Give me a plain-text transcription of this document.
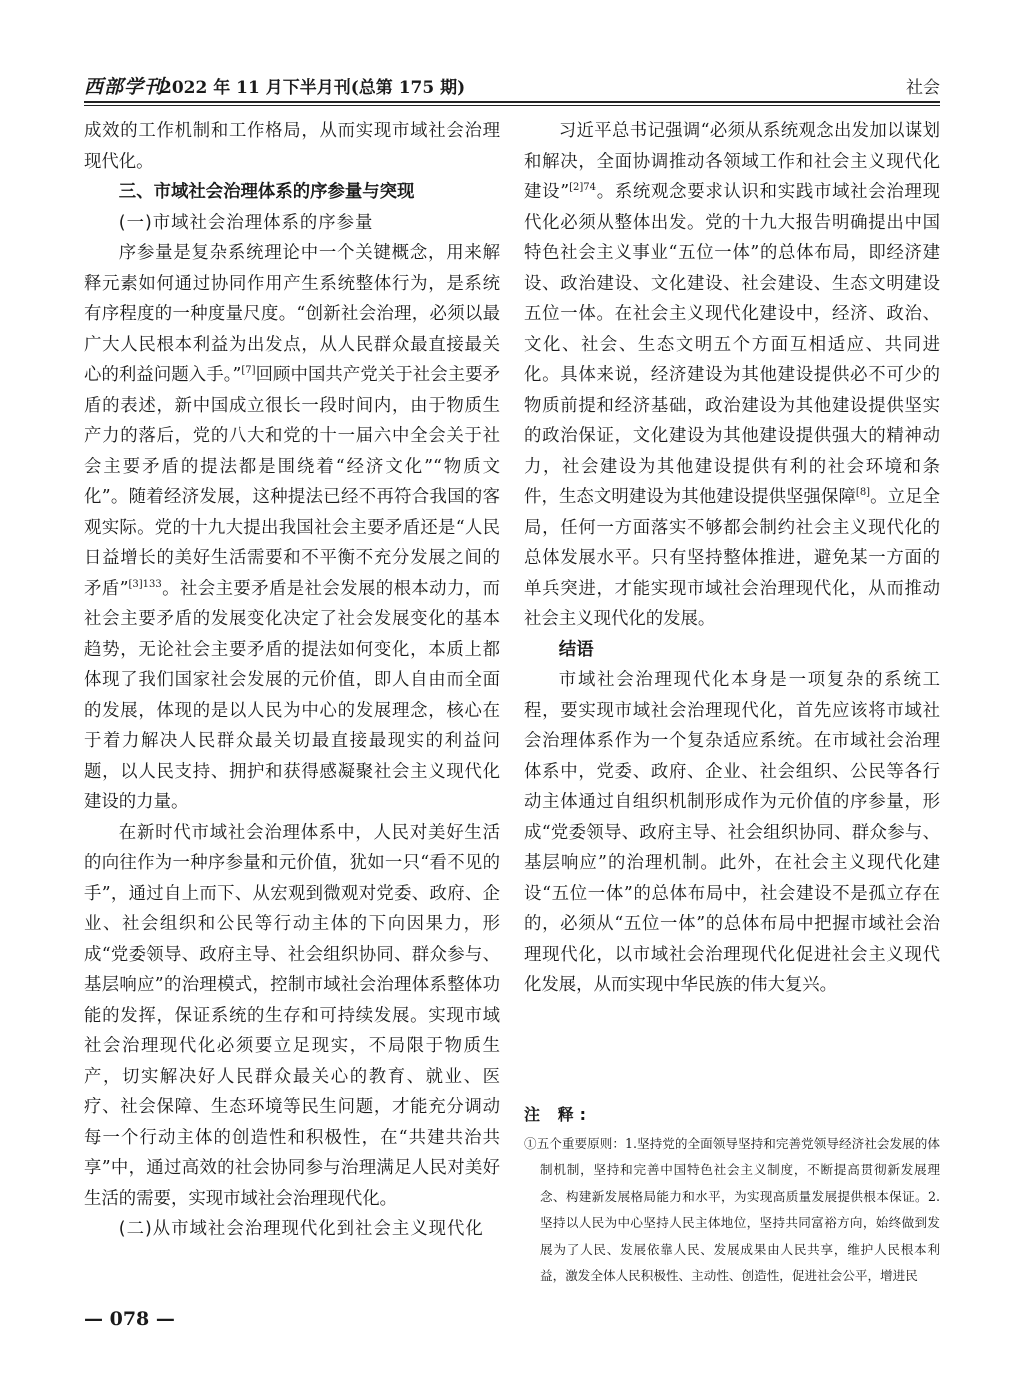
西部学刊
2022 年 11 月下半月刊(总第 175 期)	社会

成效的工作机制和工作格局，从而实现市域社会治理现代化。

三、市域社会治理体系的序参量与突现
(一)市域社会治理体系的序参量

序参量是复杂系统理论中一个关键概念，用来解释元素如何通过协同作用产生系统整体行为，是系统有序程度的一种度量尺度。“创新社会治理，必须以最广大人民根本利益为出发点，从人民群众最直接最关心的利益问题入手。”[7]回顾中国共产党关于社会主要矛盾的表述，新中国成立很长一段时间内，由于物质生产力的落后，党的八大和党的十一届六中全会关于社会主要矛盾的提法都是围绕着“经济文化”“物质文化”。随着经济发展，这种提法已经不再符合我国的客观实际。党的十九大提出我国社会主要矛盾还是“人民日益增长的美好生活需要和不平衡不充分发展之间的矛盾”$^{[3]133}$。社会主要矛盾是社会发展的根本动力，而社会主要矛盾的发展变化决定了社会发展变化的基本趋势，无论社会主要矛盾的提法如何变化，本质上都体现了我们国家社会发展的元价值，即人自由而全面的发展，体现的是以人民为中心的发展理念，核心在于着力解决人民群众最关切最直接最现实的利益问题，以人民支持、拥护和获得感凝聚社会主义现代化建设的力量。

在新时代市域社会治理体系中，人民对美好生活的向往作为一种序参量和元价值，犹如一只“看不见的手”，通过自上而下、从宏观到微观对党委、政府、企业、社会组织和公民等行动主体的下向因果力，形成“党委领导、政府主导、社会组织协同、群众参与、基层响应”的治理模式，控制市域社会治理体系整体功能的发挥，保证系统的生存和可持续发展。实现市域社会治理现代化必须要立足现实，不局限于物质生产，切实解决好人民群众最关心的教育、就业、医疗、社会保障、生态环境等民生问题，才能充分调动每一个行动主体的创造性和积极性，在“共建共治共享”中，通过高效的社会协同参与治理满足人民对美好生活的需要，实现市域社会治理现代化。

(二)从市域社会治理现代化到社会主义现代化

习近平总书记强调“必须从系统观念出发加以谋划和解决，全面协调推动各领域工作和社会主义现代化建设”$^{[2]74}$。系统观念要求认识和实践市域社会治理现代化必须从整体出发。党的十九大报告明确提出中国特色社会主义事业“五位一体”的总体布局，即经济建设、政治建设、文化建设、社会建设、生态文明建设五位一体。在社会主义现代化建设中，经济、政治、文化、社会、生态文明五个方面互相适应、共同进化。具体来说，经济建设为其他建设提供必不可少的物质前提和经济基础，政治建设为其他建设提供坚实的政治保证，文化建设为其他建设提供强大的精神动力，社会建设为其他建设提供有利的社会环境和条件，生态文明建设为其他建设提供坚强保障[8]。立足全局，任何一方面落实不够都会制约社会主义现代化的总体发展水平。只有坚持整体推进，避免某一方面的单兵突进，才能实现市域社会治理现代化，从而推动社会主义现代化的发展。

结语

市域社会治理现代化本身是一项复杂的系统工程，要实现市域社会治理现代化，首先应该将市域社会治理体系作为一个复杂适应系统。在市域社会治理体系中，党委、政府、企业、社会组织、公民等各行动主体通过自组织机制形成作为元价值的序参量，形成“党委领导、政府主导、社会组织协同、群众参与、基层响应”的治理机制。此外，在社会主义现代化建设“五位一体”的总体布局中，社会建设不是孤立存在的，必须从“五位一体”的总体布局中把握市域社会治理现代化，以市域社会治理现代化促进社会主义现代化发展，从而实现中华民族的伟大复兴。

注 释:

①五个重要原则：1.坚持党的全面领导坚持和完善党领导经济社会发展的体制机制，坚持和完善中国特色社会主义制度，不断提高贯彻新发展理念、构建新发展格局能力和水平，为实现高质量发展提供根本保证。2.坚持以人民为中心坚持人民主体地位，坚持共同富裕方向，始终做到发展为了人民、发展依靠人民、发展成果由人民共享，维护人民根本利益，激发全体人民积极性、主动性、创造性，促进社会公平，增进民

— 078 —
